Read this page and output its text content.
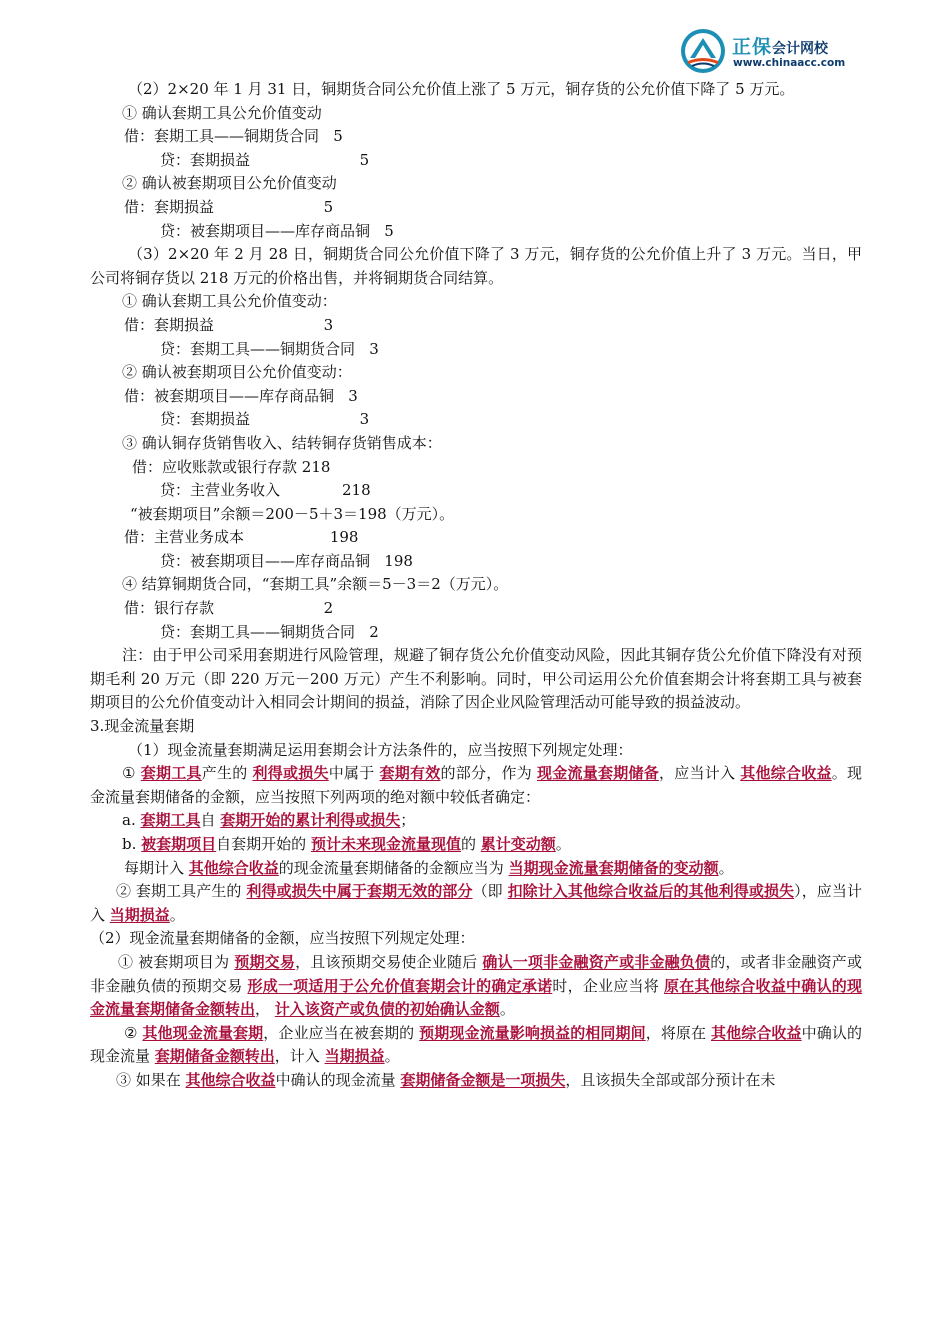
正保会计网校
www.chinaacc.com

（2）2×20 年 1 月 31 日，铜期货合同公允价值上涨了 5 万元，铜存货的公允价值下降了 5 万元。

① 确认套期工具公允价值变动

借：套期工具——铜期货合同   5

贷：套期损益                       5

② 确认被套期项目公允价值变动

借：套期损益                       5

贷：被套期项目——库存商品铜   5

（3）2×20 年 2 月 28 日，铜期货合同公允价值下降了 3 万元，铜存货的公允价值上升了 3 万元。当日，甲公司将铜存货以 218 万元的价格出售，并将铜期货合同结算。

① 确认套期工具公允价值变动：

借：套期损益                       3

贷：套期工具——铜期货合同   3

② 确认被套期项目公允价值变动：

借：被套期项目——库存商品铜   3

贷：套期损益                       3

③ 确认铜存货销售收入、结转铜存货销售成本：

借：应收账款或银行存款 218

贷：主营业务收入             218

“被套期项目”余额＝200－5＋3＝198（万元）。

借：主营业务成本                  198

贷：被套期项目——库存商品铜   198

④ 结算铜期货合同，“套期工具”余额＝5－3＝2（万元）。

借：银行存款                       2

贷：套期工具——铜期货合同   2

注：由于甲公司采用套期进行风险管理，规避了铜存货公允价值变动风险，因此其铜存货公允价值下降没有对预期毛利 20 万元（即 220 万元－200 万元）产生不利影响。同时，甲公司运用公允价值套期会计将套期工具与被套期项目的公允价值变动计入相同会计期间的损益，消除了因企业风险管理活动可能导致的损益波动。

3.现金流量套期

（1）现金流量套期满足运用套期会计方法条件的，应当按照下列规定处理：

① 套期工具产生的 利得或损失中属于 套期有效的部分，作为 现金流量套期储备，应当计入 其他综合收益。现金流量套期储备的金额，应当按照下列两项的绝对额中较低者确定：

a. 套期工具自 套期开始的累计利得或损失；

b. 被套期项目自套期开始的 预计未来现金流量现值的 累计变动额。

每期计入 其他综合收益的现金流量套期储备的金额应当为 当期现金流量套期储备的变动额。

② 套期工具产生的 利得或损失中属于套期无效的部分（即 扣除计入其他综合收益后的其他利得或损失），应当计入 当期损益。

（2）现金流量套期储备的金额，应当按照下列规定处理：

① 被套期项目为 预期交易，且该预期交易使企业随后 确认一项非金融资产或非金融负债的，或者非金融资产或非金融负债的预期交易 形成一项适用于公允价值套期会计的确定承诺时，企业应当将 原在其他综合收益中确认的现金流量套期储备金额转出， 计入该资产或负债的初始确认金额。

② 其他现金流量套期，企业应当在被套期的 预期现金流量影响损益的相同期间，将原在 其他综合收益中确认的现金流量 套期储备金额转出，计入 当期损益。

③ 如果在 其他综合收益中确认的现金流量 套期储备金额是一项损失，且该损失全部或部分预计在未
